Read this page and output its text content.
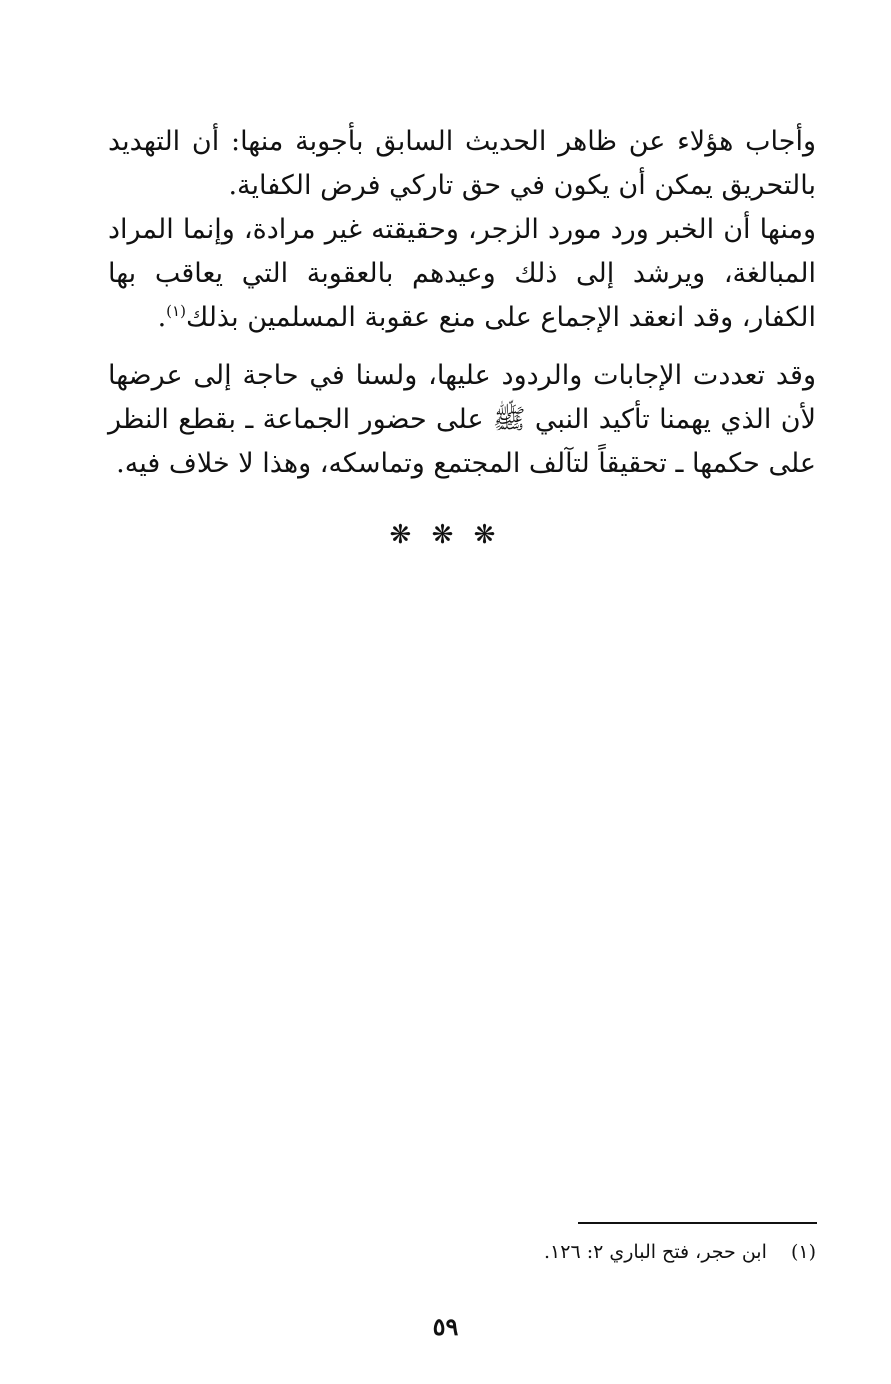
وأجاب هؤلاء عن ظاهر الحديث السابق بأجوبة منها: أن التهديد بالتحريق يمكن أن يكون في حق تاركي فرض الكفاية.

ومنها أن الخبر ورد مورد الزجر، وحقيقته غير مرادة، وإنما المراد المبالغة، ويرشد إلى ذلك وعيدهم بالعقوبة التي يعاقب بها الكفار، وقد انعقد الإجماع على منع عقوبة المسلمين بذلك$^{(١)}$.

وقد تعددت الإجابات والردود عليها، ولسنا في حاجة إلى عرضها لأن الذي يهمنا تأكيد النبي ﷺ على حضور الجماعة ـ بقطع النظر على حكمها ـ تحقيقاً لتآلف المجتمع وتماسكه، وهذا لا خلاف فيه.

❋ ❋ ❋
(١) ابن حجر، فتح الباري ٢: ١٢٦.
٥٩
